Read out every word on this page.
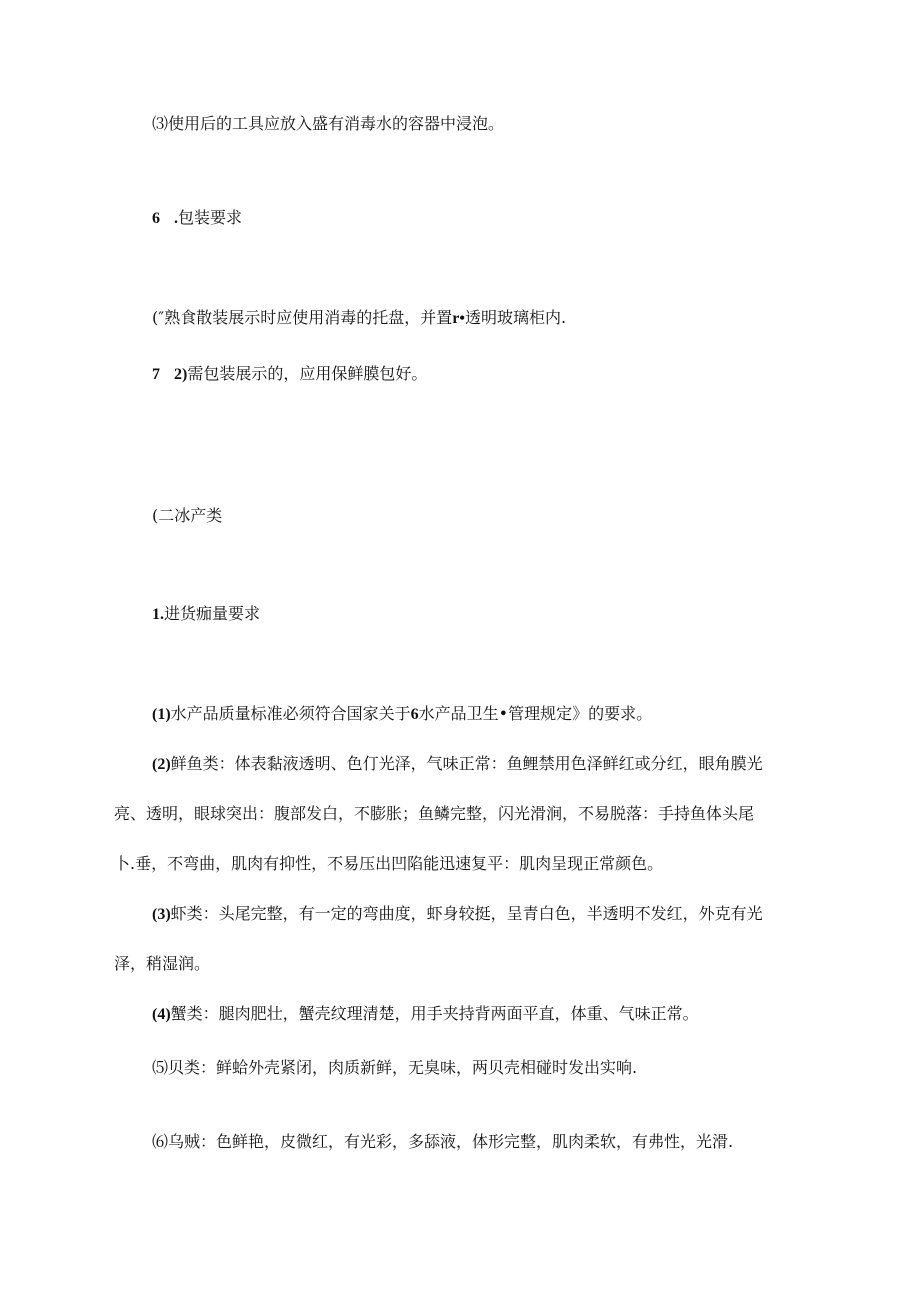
⑶使用后的工具应放入盛有消毒水的容器中浸泡。

6 .包装要求

(″熟食散装展示时应使用消毒的托盘，并置r•透明玻璃柜内.

7 2)需包装展示的，应用保鲜膜包好。

(二冰产类

1.进货痂量要求

(1)水产品质量标准必须符合国家关于6水产品卫生•管理规定》的要求。

(2)鲜鱼类：体表黏液透明、色仃光泽，气味正常：鱼鲤禁用色泽鲜红或分红，眼角膜光

亮、透明，眼球突出：腹部发白，不膨胀；鱼鳞完整，闪光滑涧，不易脱落：手持鱼体头尾

卜.垂，不弯曲，肌肉有抑性，不易压出凹陷能迅速复平：肌肉呈现正常颜色。

(3)虾类：头尾完整，有一定的弯曲度，虾身较挺，呈青白色，半透明不发红，外克有光

泽，稍湿润。

(4)蟹类：腿肉肥壮，蟹壳纹理清楚，用手夹持背两面平直，体重、气味正常。

⑸贝类：鲜蛤外壳紧闭，肉质新鲜，无臭味，两贝壳相碰时发出实响.

⑹乌贼：色鲜艳，皮微红，有光彩，多舔液，体形完整，肌肉柔软，有弗性，光滑.
